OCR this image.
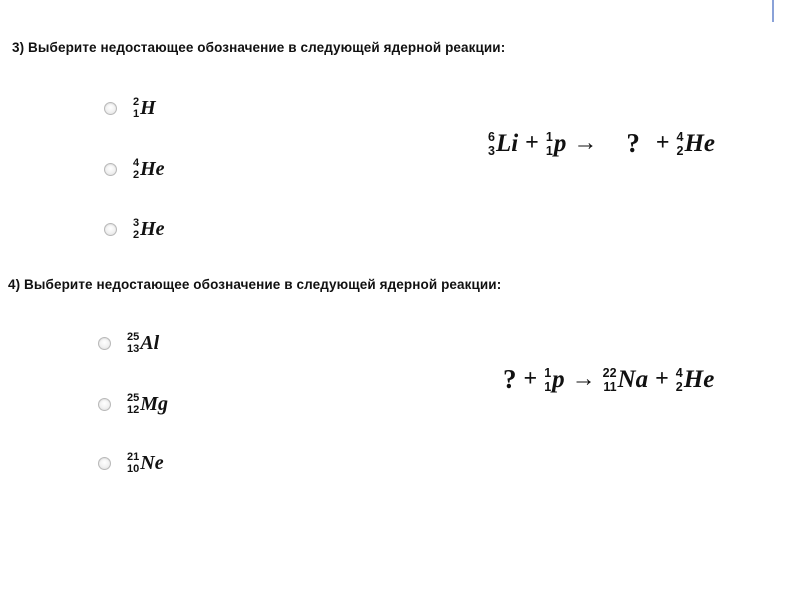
3) Выберите недостающее обозначение в следующей ядерной реакции:
2
1 H
4
2 He
3
2 He
6
3 Li + 1
1 p → ? + 4
2 He
4) Выберите недостающее обозначение в следующей ядерной реакции:
25
13 Al
25
12 Mg
21
10 Ne
? + 1
1 p → 22
11 Na + 4
2 He
